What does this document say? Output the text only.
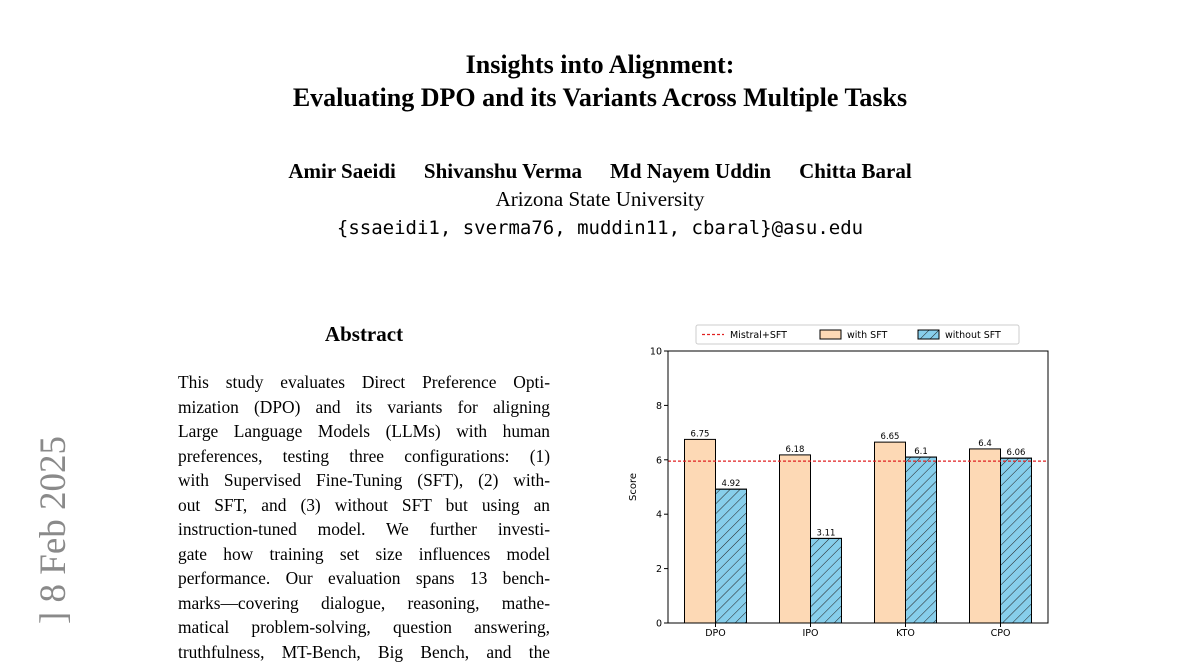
Insights into Alignment:
Evaluating DPO and its Variants Across Multiple Tasks
Amir Saeidi Shivanshu Verma Md Nayem Uddin Chitta Baral
Arizona State University
{ssaeidi1, sverma76, muddin11, cbaral}@asu.edu
] 8 Feb 2025
Abstract
This study evaluates Direct Preference Opti-
mization (DPO) and its variants for aligning
Large Language Models (LLMs) with human
preferences, testing three configurations: (1)
with Supervised Fine-Tuning (SFT), (2) with-
out SFT, and (3) without SFT but using an
instruction-tuned model. We further investi-
gate how training set size influences model
performance. Our evaluation spans 13 bench-
marks—covering dialogue, reasoning, mathe-
matical problem-solving, question answering,
truthfulness, MT-Bench, Big Bench, and the
0
2
4
6
8
10
Score
6.75
4.92
DPO
6.18
3.11
IPO
6.65
6.1
KTO
6.4
6.06
CPO
Mistral+SFT	with SFT	without SFT
